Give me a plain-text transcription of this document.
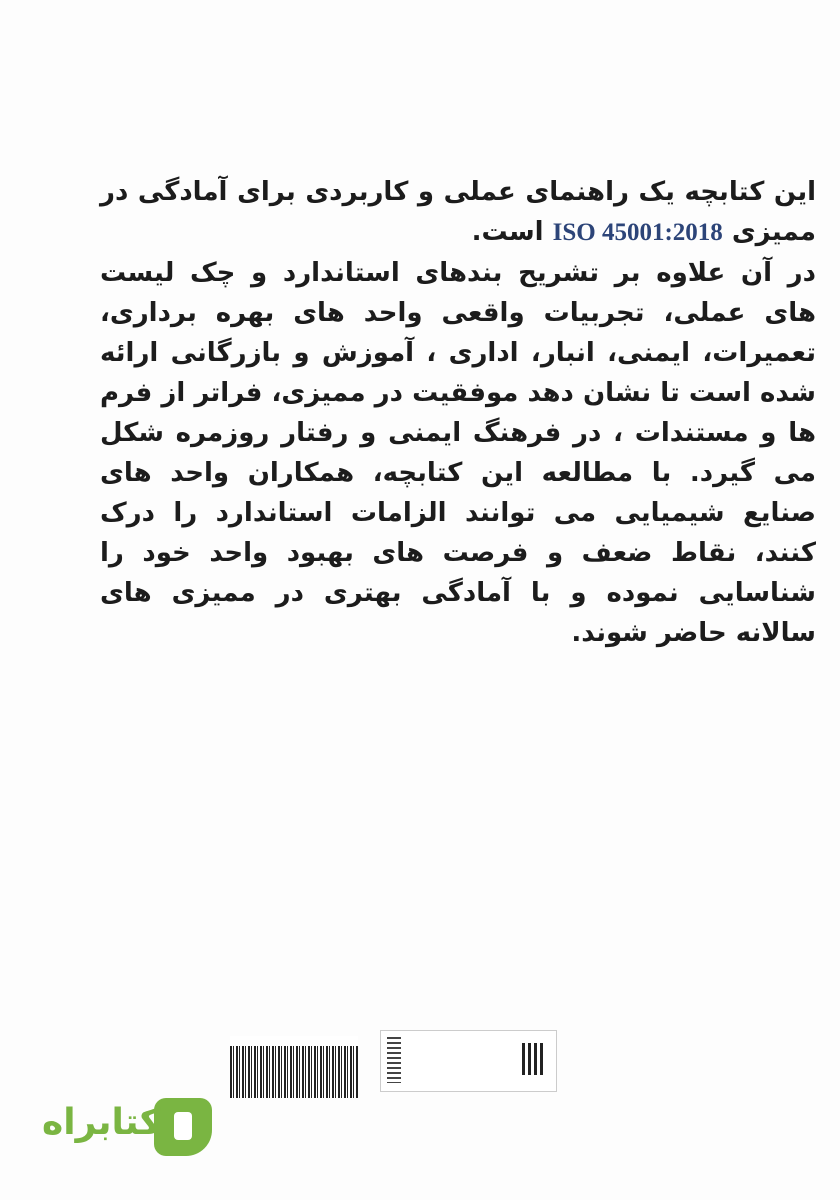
این کتابچه یک راهنمای عملی و کاربردی برای آمادگی در ممیزی ISO 45001:2018 است.

در آن علاوه بر تشریح بندهای استاندارد و چک لیست های عملی، تجربیات واقعی واحد های بهره برداری، تعمیرات، ایمنی، انبار، اداری ، آموزش و بازرگانی ارائه شده است تا نشان دهد موفقیت در ممیزی، فراتر از فرم ها و مستندات ، در فرهنگ ایمنی و رفتار روزمره شکل می گیرد. با مطالعه این کتابچه، همکاران واحد های صنایع شیمیایی می توانند الزامات استاندارد را درک کنند، نقاط ضعف و فرصت های بهبود واحد خود را شناسایی نموده و با آمادگی بهتری در ممیزی های سالانه حاضر شوند.

کتابراه
